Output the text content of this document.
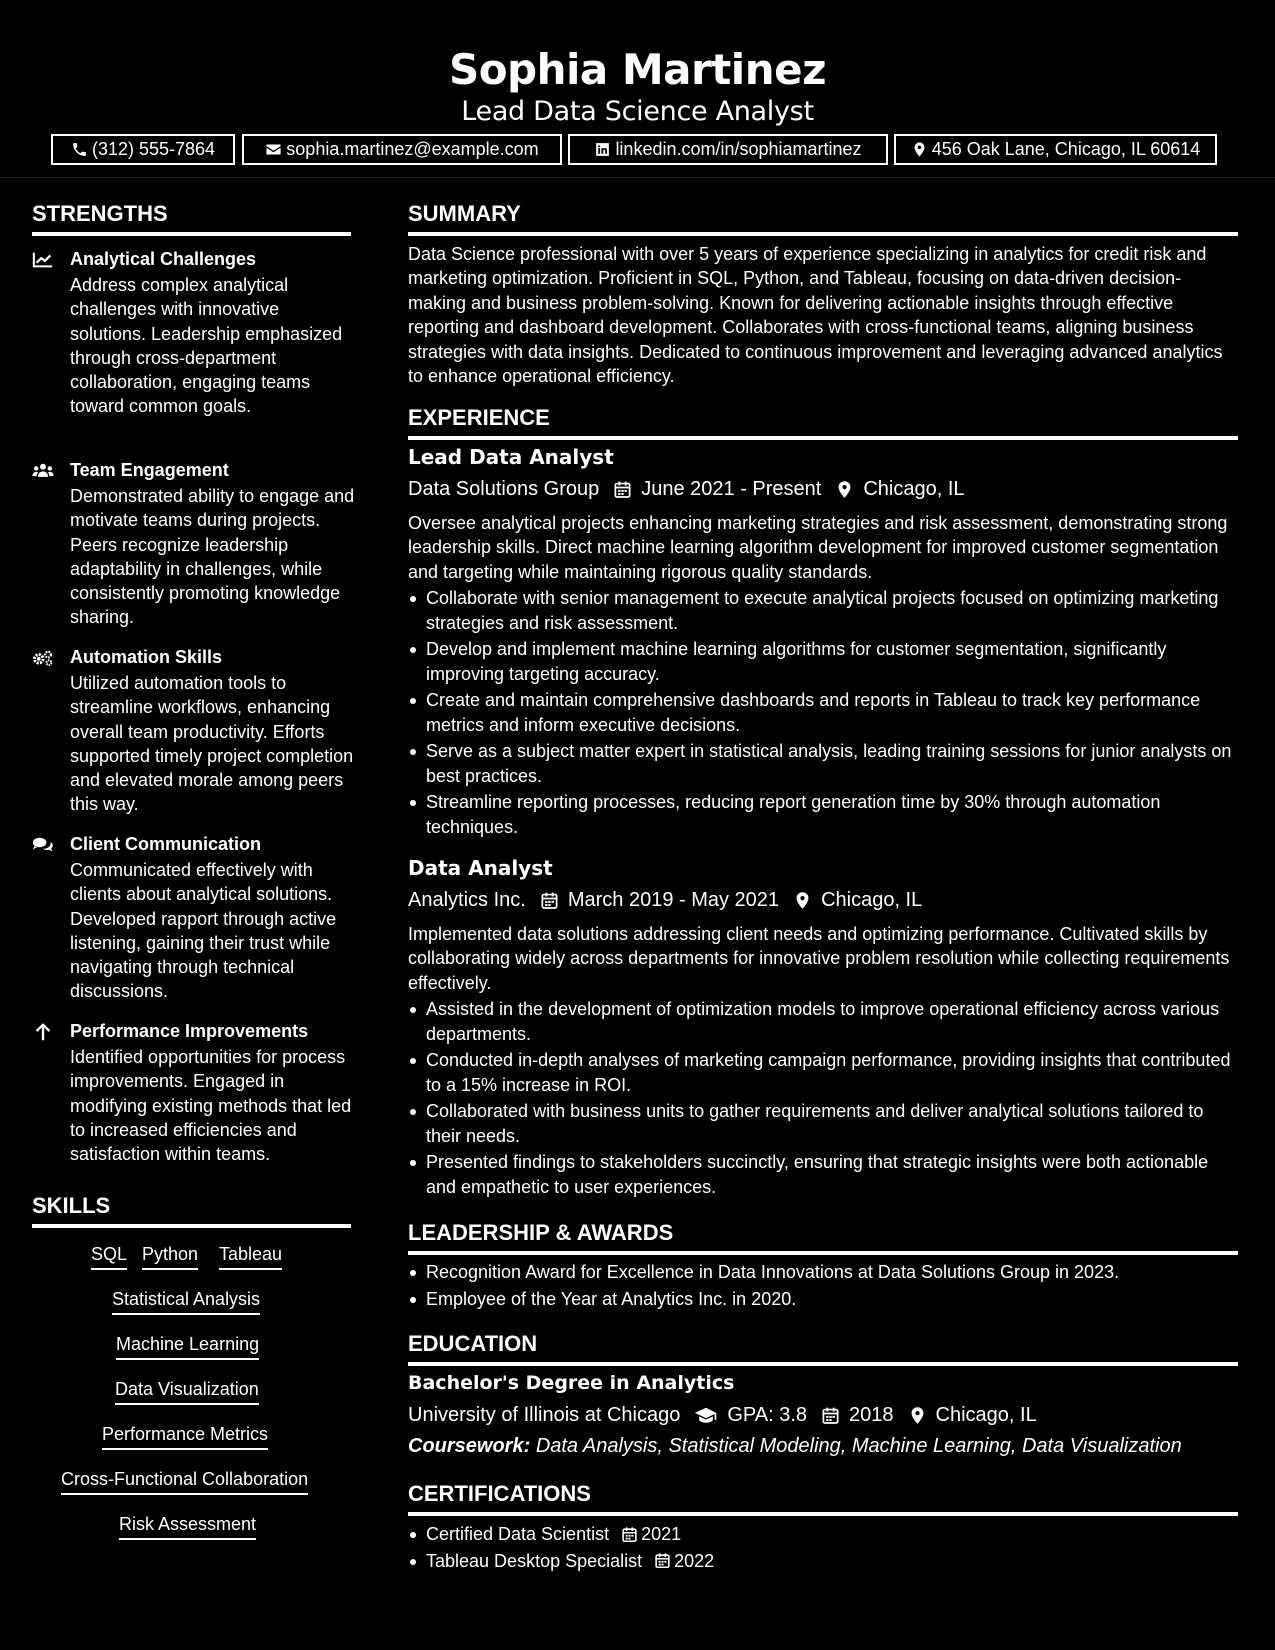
Sophia Martinez
Lead Data Science Analyst
(312) 555-7864	sophia.martinez@example.com	linkedin.com/in/sophiamartinez	456 Oak Lane, Chicago, IL 60614
STRENGTHS
Analytical Challenges
Address complex analytical challenges with innovative solutions. Leadership emphasized through cross-department collaboration, engaging teams toward common goals.
Team Engagement
Demonstrated ability to engage and motivate teams during projects. Peers recognize leadership adaptability in challenges, while consistently promoting knowledge sharing.
Automation Skills
Utilized automation tools to streamline workflows, enhancing overall team productivity. Efforts supported timely project completion and elevated morale among peers this way.
Client Communication
Communicated effectively with clients about analytical solutions. Developed rapport through active listening, gaining their trust while navigating through technical discussions.
Performance Improvements
Identified opportunities for process improvements. Engaged in modifying existing methods that led to increased efficiencies and satisfaction within teams.
SKILLS
SQL Python Tableau
Statistical Analysis
Machine Learning
Data Visualization
Performance Metrics
Cross-Functional Collaboration
Risk Assessment
SUMMARY
Data Science professional with over 5 years of experience specializing in analytics for credit risk and marketing optimization. Proficient in SQL, Python, and Tableau, focusing on data-driven decision-making and business problem-solving. Known for delivering actionable insights through effective reporting and dashboard development. Collaborates with cross-functional teams, aligning business strategies with data insights. Dedicated to continuous improvement and leveraging advanced analytics to enhance operational efficiency.
EXPERIENCE
Lead Data Analyst
Data Solutions Group June 2021 - Present Chicago, IL
Oversee analytical projects enhancing marketing strategies and risk assessment, demonstrating strong leadership skills. Direct machine learning algorithm development for improved customer segmentation and targeting while maintaining rigorous quality standards.
Collaborate with senior management to execute analytical projects focused on optimizing marketing strategies and risk assessment.
Develop and implement machine learning algorithms for customer segmentation, significantly improving targeting accuracy.
Create and maintain comprehensive dashboards and reports in Tableau to track key performance metrics and inform executive decisions.
Serve as a subject matter expert in statistical analysis, leading training sessions for junior analysts on best practices.
Streamline reporting processes, reducing report generation time by 30% through automation techniques.
Data Analyst
Analytics Inc. March 2019 - May 2021 Chicago, IL
Implemented data solutions addressing client needs and optimizing performance. Cultivated skills by collaborating widely across departments for innovative problem resolution while collecting requirements effectively.
Assisted in the development of optimization models to improve operational efficiency across various departments.
Conducted in-depth analyses of marketing campaign performance, providing insights that contributed to a 15% increase in ROI.
Collaborated with business units to gather requirements and deliver analytical solutions tailored to their needs.
Presented findings to stakeholders succinctly, ensuring that strategic insights were both actionable and empathetic to user experiences.
LEADERSHIP & AWARDS
Recognition Award for Excellence in Data Innovations at Data Solutions Group in 2023.
Employee of the Year at Analytics Inc. in 2020.
EDUCATION
Bachelor's Degree in Analytics
University of Illinois at Chicago GPA: 3.8 2018 Chicago, IL
Coursework: Data Analysis, Statistical Modeling, Machine Learning, Data Visualization
CERTIFICATIONS
Certified Data Scientist 2021
Tableau Desktop Specialist 2022
